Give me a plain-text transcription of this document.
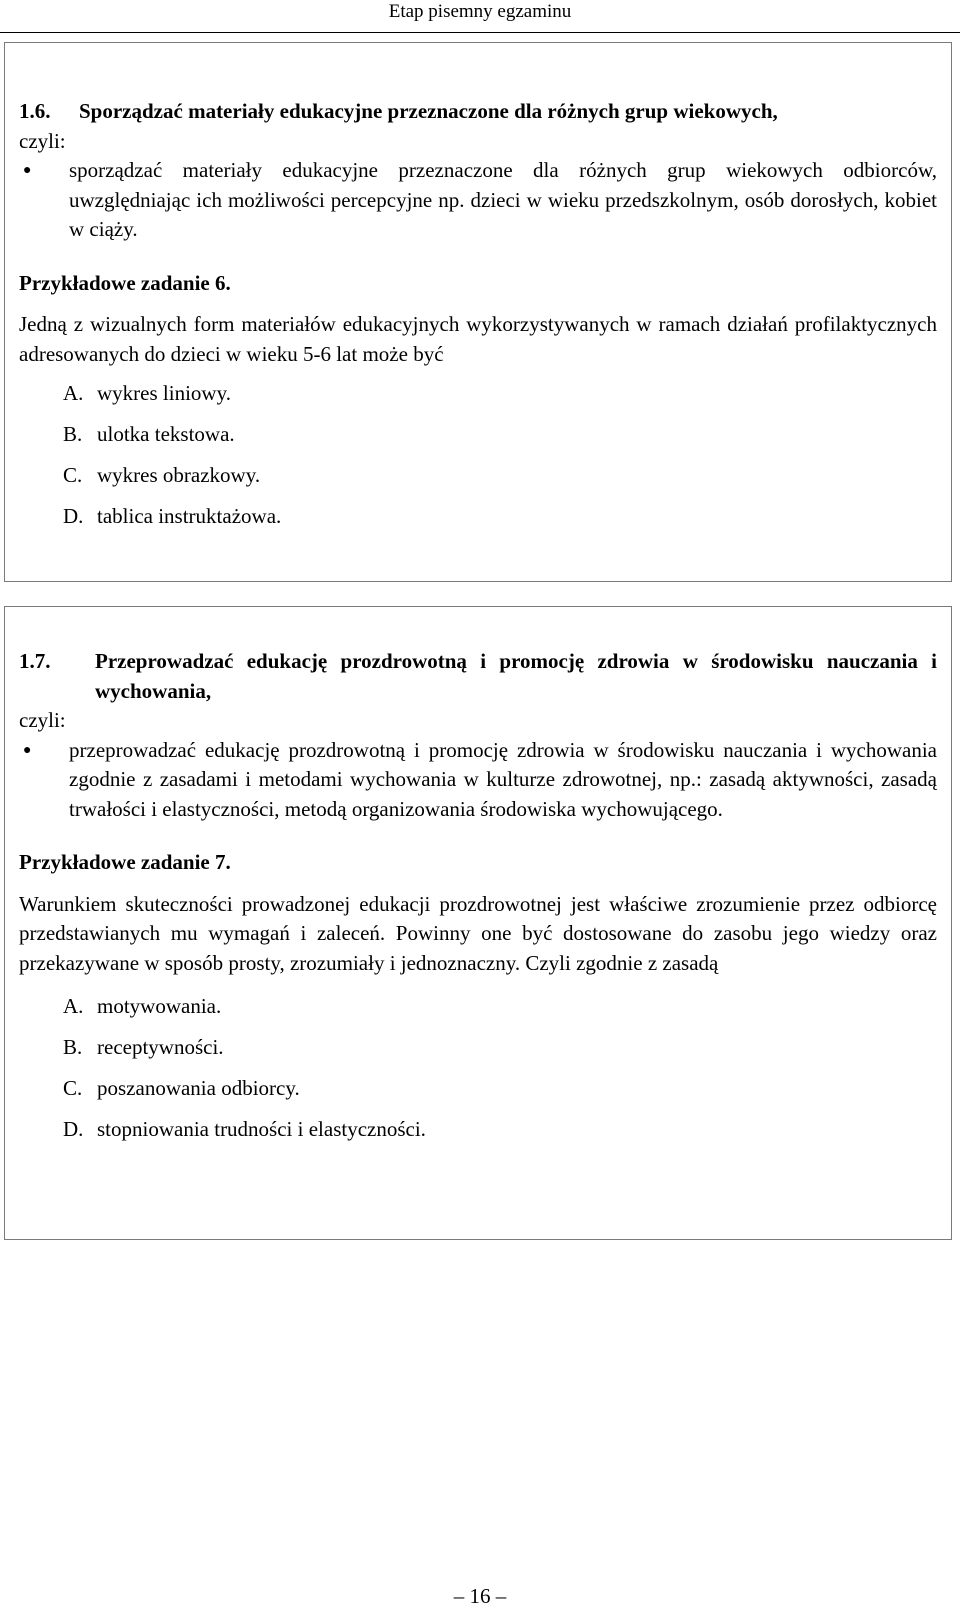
Etap pisemny egzaminu
1.6. Sporządzać materiały edukacyjne przeznaczone dla różnych grup wiekowych,
czyli:
●	sporządzać materiały edukacyjne przeznaczone dla różnych grup wiekowych odbiorców, uwzględniając ich możliwości percepcyjne np. dzieci w wieku przedszkolnym, osób dorosłych, kobiet w ciąży.
Przykładowe zadanie 6.
Jedną z wizualnych form materiałów edukacyjnych wykorzystywanych w ramach działań profilaktycznych adresowanych do dzieci w wieku 5-6 lat może być
A. wykres liniowy.
B. ulotka tekstowa.
C. wykres obrazkowy.
D. tablica instruktażowa.
1.7. Przeprowadzać edukację prozdrowotną i promocję zdrowia w środowisku nauczania i wychowania,
czyli:
●	przeprowadzać edukację prozdrowotną i promocję zdrowia w środowisku nauczania i wychowania zgodnie z zasadami i metodami wychowania w kulturze zdrowotnej, np.: zasadą aktywności, zasadą trwałości i elastyczności, metodą organizowania środowiska wychowującego.
Przykładowe zadanie 7.
Warunkiem skuteczności prowadzonej edukacji prozdrowotnej jest właściwe zrozumienie przez odbiorcę przedstawianych mu wymagań i zaleceń. Powinny one być dostosowane do zasobu jego wiedzy oraz przekazywane w sposób prosty, zrozumiały i jednoznaczny. Czyli zgodnie z zasadą
A. motywowania.
B. receptywności.
C. poszanowania odbiorcy.
D. stopniowania trudności i elastyczności.
– 16 –
